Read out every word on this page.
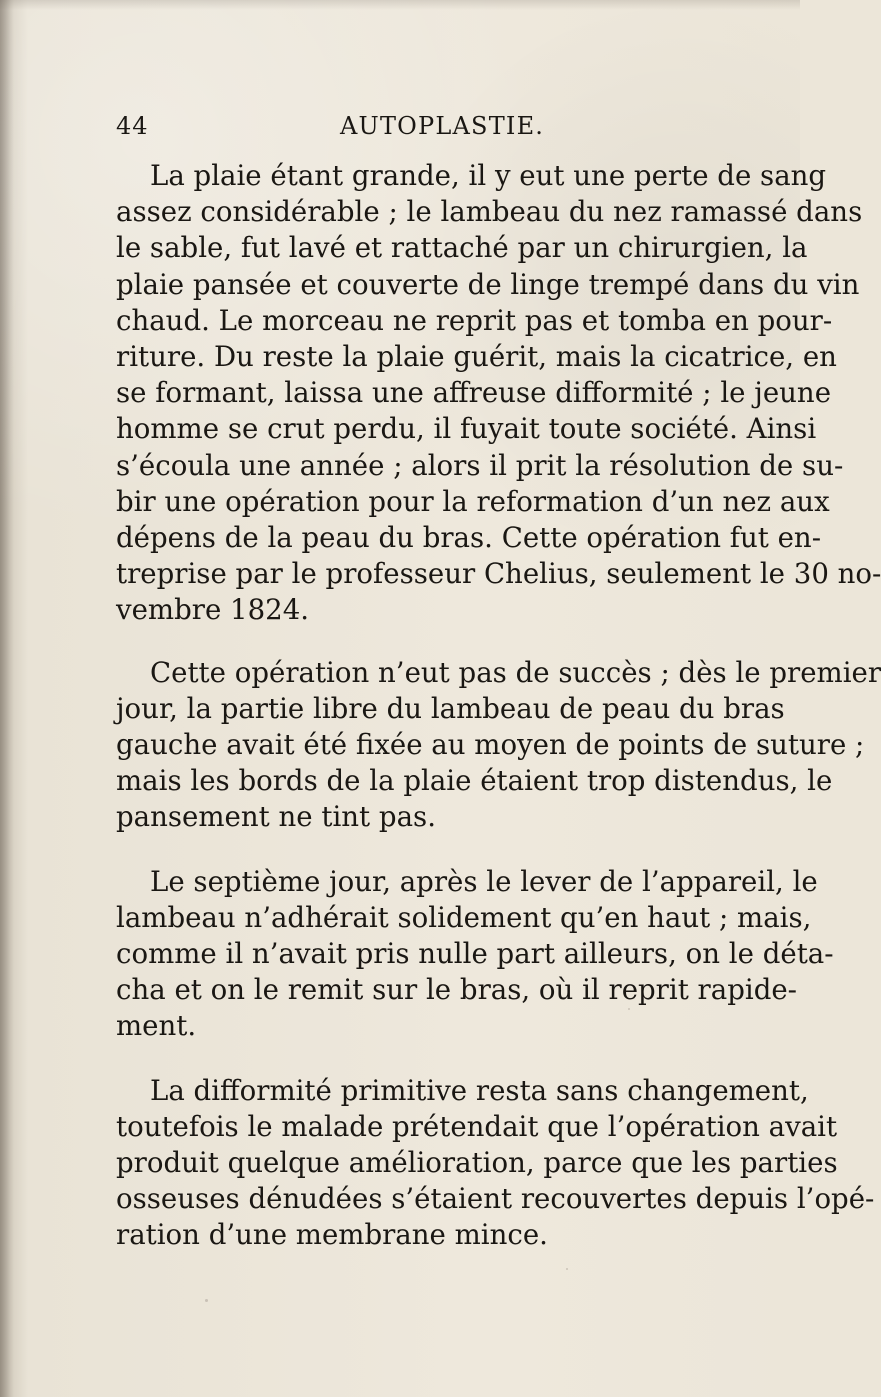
44	AUTOPLASTIE.
La plaie étant grande, il y eut une perte de sang
assez considérable ; le lambeau du nez ramassé dans
le sable, fut lavé et rattaché par un chirurgien, la
plaie pansée et couverte de linge trempé dans du vin
chaud. Le morceau ne reprit pas et tomba en pour-
riture. Du reste la plaie guérit, mais la cicatrice, en
se formant, laissa une affreuse difformité ; le jeune
homme se crut perdu, il fuyait toute société. Ainsi
s’écoula une année ; alors il prit la résolution de su-
bir une opération pour la reformation d’un nez aux
dépens de la peau du bras. Cette opération fut en-
treprise par le professeur Chelius, seulement le 30 no-
vembre 1824.
Cette opération n’eut pas de succès ; dès le premier
jour, la partie libre du lambeau de peau du bras
gauche avait été fixée au moyen de points de suture ;
mais les bords de la plaie étaient trop distendus, le
pansement ne tint pas.
Le septième jour, après le lever de l’appareil, le
lambeau n’adhérait solidement qu’en haut ; mais,
comme il n’avait pris nulle part ailleurs, on le déta-
cha et on le remit sur le bras, où il reprit rapide-
ment.
La difformité primitive resta sans changement,
toutefois le malade prétendait que l’opération avait
produit quelque amélioration, parce que les parties
osseuses dénudées s’étaient recouvertes depuis l’opé-
ration d’une membrane mince.
